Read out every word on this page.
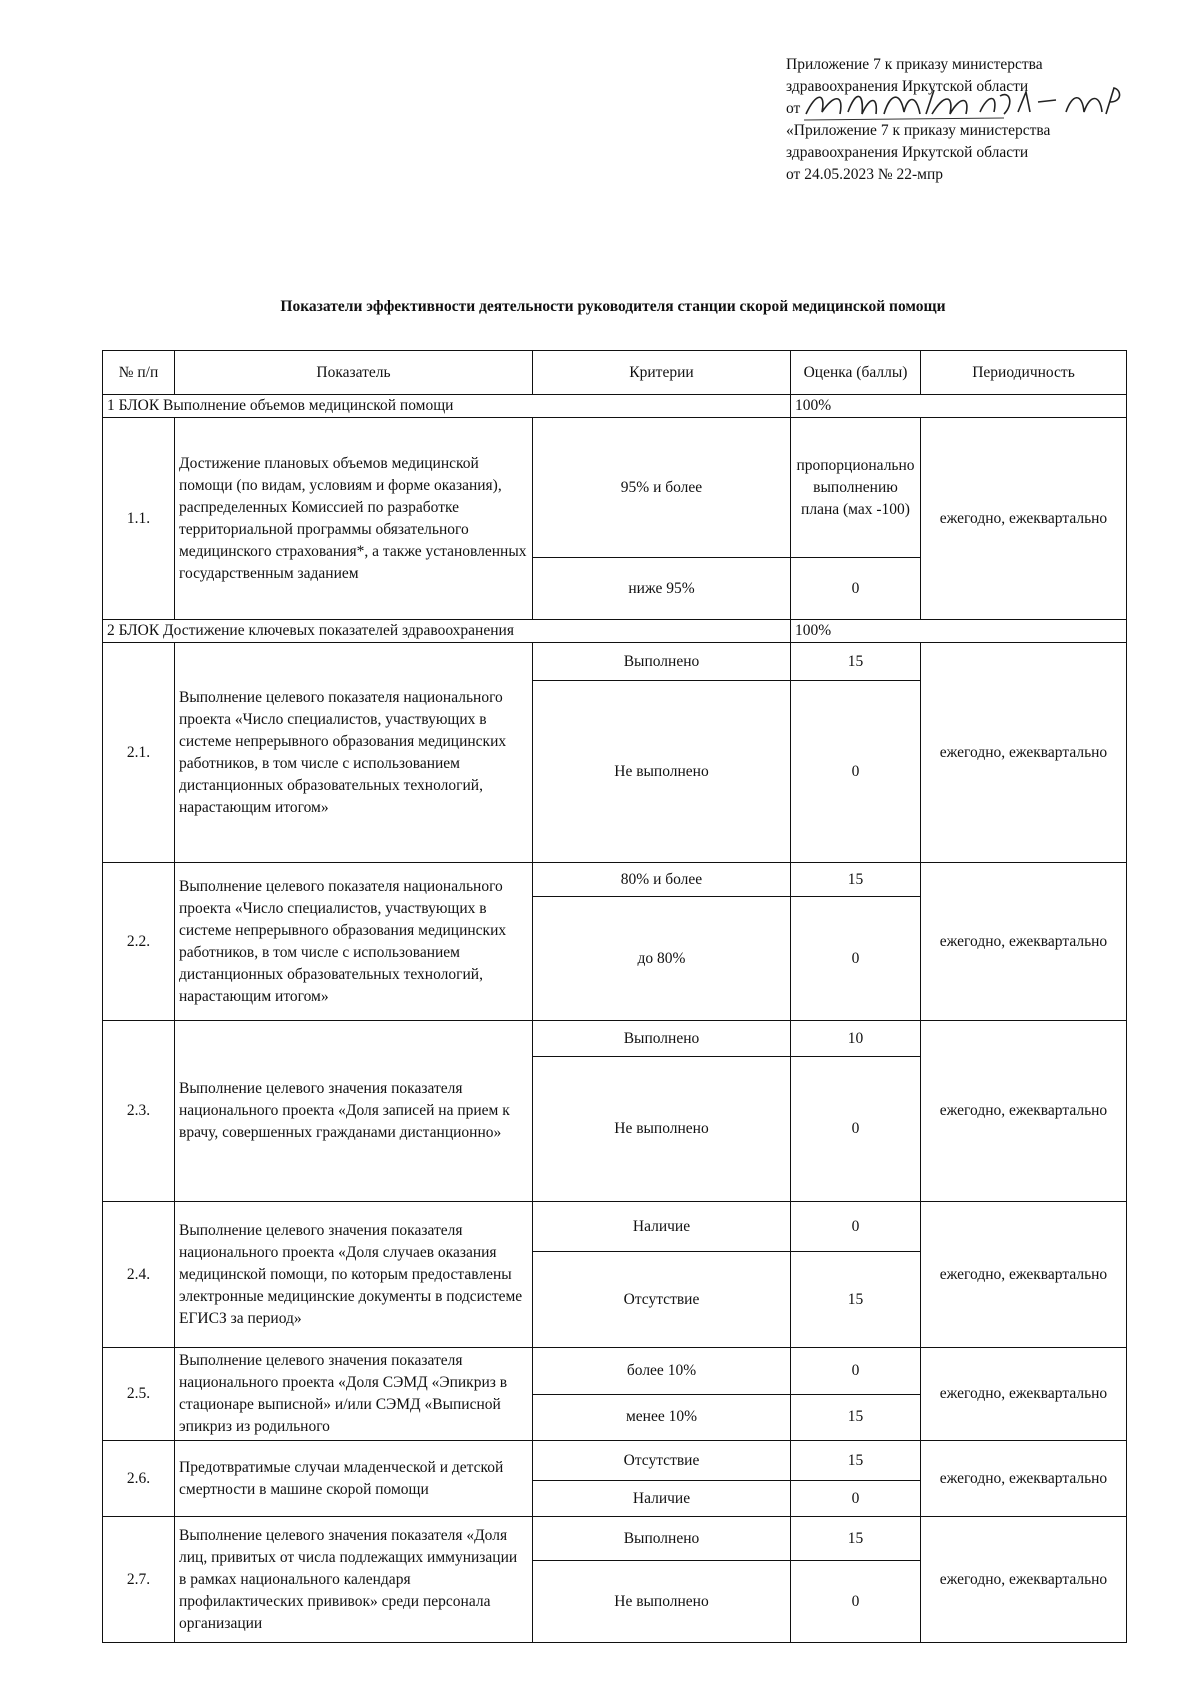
Приложение 7 к приказу министерства
здравоохранения Иркутской области
от
«Приложение 7 к приказу министерства
здравоохранения Иркутской области
от 24.05.2023 № 22-мпр
Показатели эффективности деятельности руководителя станции скорой медицинской помощи
№ п/п	Показатель	Критерии	Оценка (баллы)	Периодичность
1 БЛОК Выполнение объемов медицинской помощи			100%	
1.1.	Достижение плановых объемов медицинской помощи (по видам, условиям и форме оказания), распределенных Комиссией по разработке территориальной программы обязательного медицинского страхования*, а также установленных государственным заданием	95% и более	пропорционально выполнению плана (мах -100)	ежегодно, ежеквартально
		ниже 95%	0	
2 БЛОК Достижение ключевых показателей здравоохранения			100%	
2.1.	Выполнение целевого показателя национального проекта «Число специалистов, участвующих в системе непрерывного образования медицинских работников, в том числе с использованием дистанционных образовательных технологий, нарастающим итогом»	Выполнено	15	ежегодно, ежеквартально
		Не выполнено	0	
2.2.	Выполнение целевого показателя национального проекта «Число специалистов, участвующих в системе непрерывного образования медицинских работников, в том числе с использованием дистанционных образовательных технологий, нарастающим итогом»	80% и более	15	ежегодно, ежеквартально
		до 80%	0	
2.3.	Выполнение целевого значения показателя национального проекта «Доля записей на прием к врачу, совершенных гражданами дистанционно»	Выполнено	10	ежегодно, ежеквартально
		Не выполнено	0	
2.4.	Выполнение целевого значения показателя национального проекта «Доля случаев оказания медицинской помощи, по которым предоставлены электронные медицинские документы в подсистеме ЕГИСЗ за период»	Наличие	0	ежегодно, ежеквартально
		Отсутствие	15	
2.5.	Выполнение целевого значения показателя национального проекта «Доля СЭМД «Эпикриз в стационаре выписной» и/или СЭМД «Выписной эпикриз из родильного	более 10%	0	ежегодно, ежеквартально
		менее 10%	15	
2.6.	Предотвратимые случаи младенческой и детской смертности в машине скорой помощи	Отсутствие	15	ежегодно, ежеквартально
		Наличие	0	
2.7.	Выполнение целевого значения показателя «Доля лиц, привитых от числа подлежащих иммунизации в рамках национального календаря профилактических прививок» среди персонала организации	Выполнено	15	ежегодно, ежеквартально
		Не выполнено	0	
